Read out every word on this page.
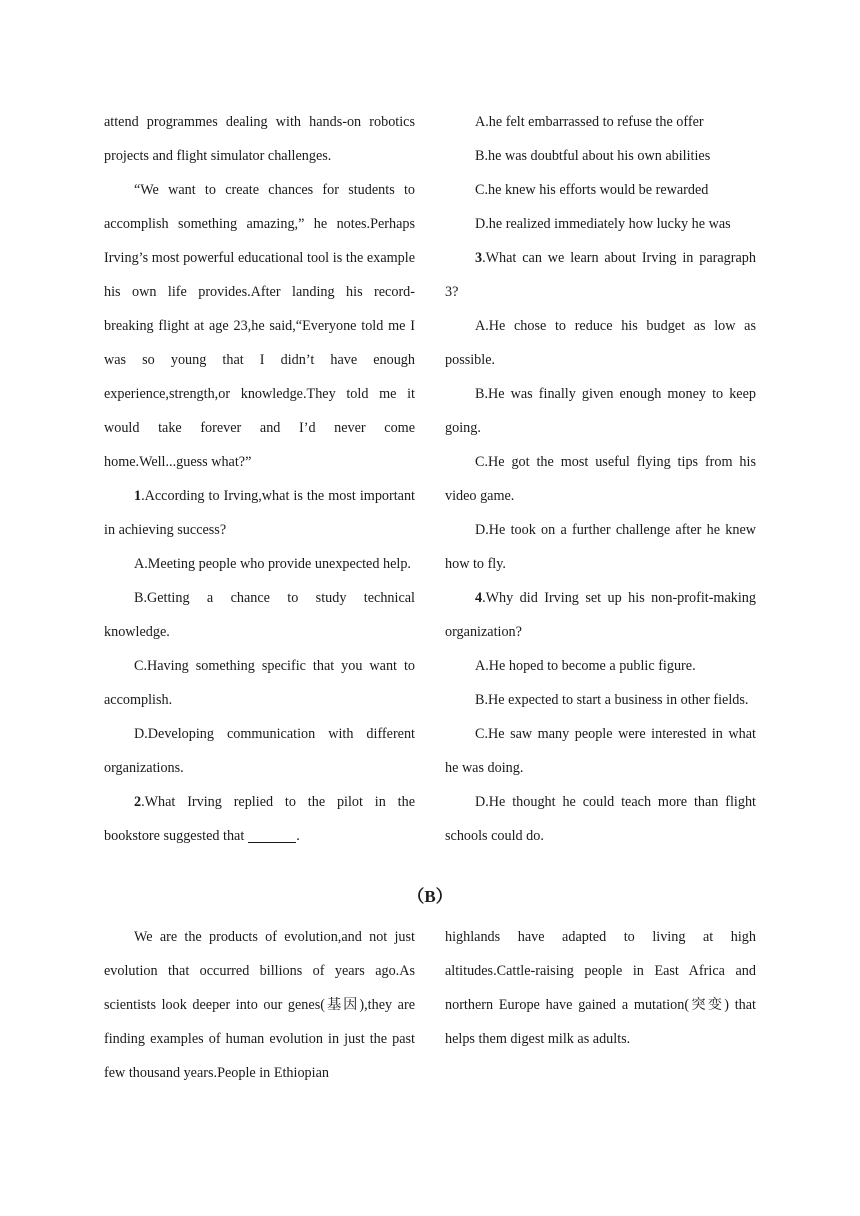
attend programmes dealing with hands-on robotics projects and flight simulator challenges.

“We want to create chances for students to accomplish something amazing,” he notes.Perhaps Irving’s most powerful educational tool is the example his own life provides.After landing his record-breaking flight at age 23,he said,“Everyone told me I was so young that I didn’t have enough experience,strength,or knowledge.They told me it would take forever and I’d never come home.Well...guess what?”

1.According to Irving,what is the most important in achieving success?

A.Meeting people who provide unexpected help.

B.Getting a chance to study technical knowledge.

C.Having something specific that you want to accomplish.

D.Developing communication with different organizations.

2.What Irving replied to the pilot in the bookstore suggested that	.

A.he felt embarrassed to refuse the offer

B.he was doubtful about his own abilities

C.he knew his efforts would be rewarded

D.he realized immediately how lucky he was

3.What can we learn about Irving in paragraph 3?

A.He chose to reduce his budget as low as possible.

B.He was finally given enough money to keep going.

C.He got the most useful flying tips from his video game.

D.He took on a further challenge after he knew how to fly.

4.Why did Irving set up his non-profit-making organization?

A.He hoped to become a public figure.

B.He expected to start a business in other fields.

C.He saw many people were interested in what he was doing.

D.He thought he could teach more than flight schools could do.

（B）

We are the products of evolution,and not just evolution that occurred billions of years ago.As scientists look deeper into our genes(基因),they are finding examples of human evolution in just the past few thousand years.People in Ethiopian

highlands have adapted to living at high altitudes.Cattle-raising people in East Africa and northern Europe have gained a mutation(突变) that helps them digest milk as adults.
